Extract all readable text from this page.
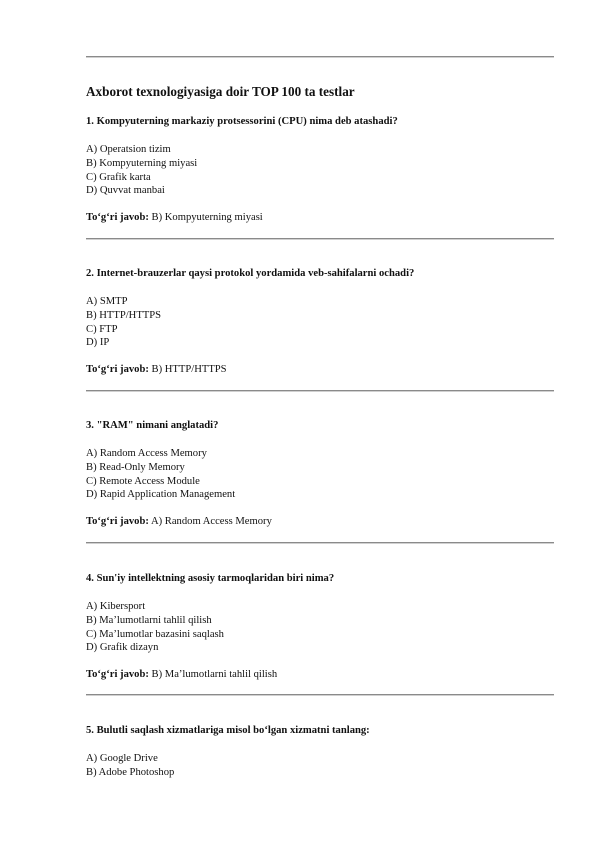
Axborot texnologiyasiga doir TOP 100 ta testlar
1. Kompyuterning markaziy protsessorini (CPU) nima deb atashadi?
A) Operatsion tizim
B) Kompyuterning miyasi
C) Grafik karta
D) Quvvat manbai
To‘g‘ri javob: B) Kompyuterning miyasi
2. Internet-brauzerlar qaysi protokol yordamida veb-sahifalarni ochadi?
A) SMTP
B) HTTP/HTTPS
C) FTP
D) IP
To‘g‘ri javob: B) HTTP/HTTPS
3. "RAM" nimani anglatadi?
A) Random Access Memory
B) Read-Only Memory
C) Remote Access Module
D) Rapid Application Management
To‘g‘ri javob: A) Random Access Memory
4. Sun'iy intellektning asosiy tarmoqlaridan biri nima?
A) Kibersport
B) Ma’lumotlarni tahlil qilish
C) Ma’lumotlar bazasini saqlash
D) Grafik dizayn
To‘g‘ri javob: B) Ma’lumotlarni tahlil qilish
5. Bulutli saqlash xizmatlariga misol bo‘lgan xizmatni tanlang:
A) Google Drive
B) Adobe Photoshop
